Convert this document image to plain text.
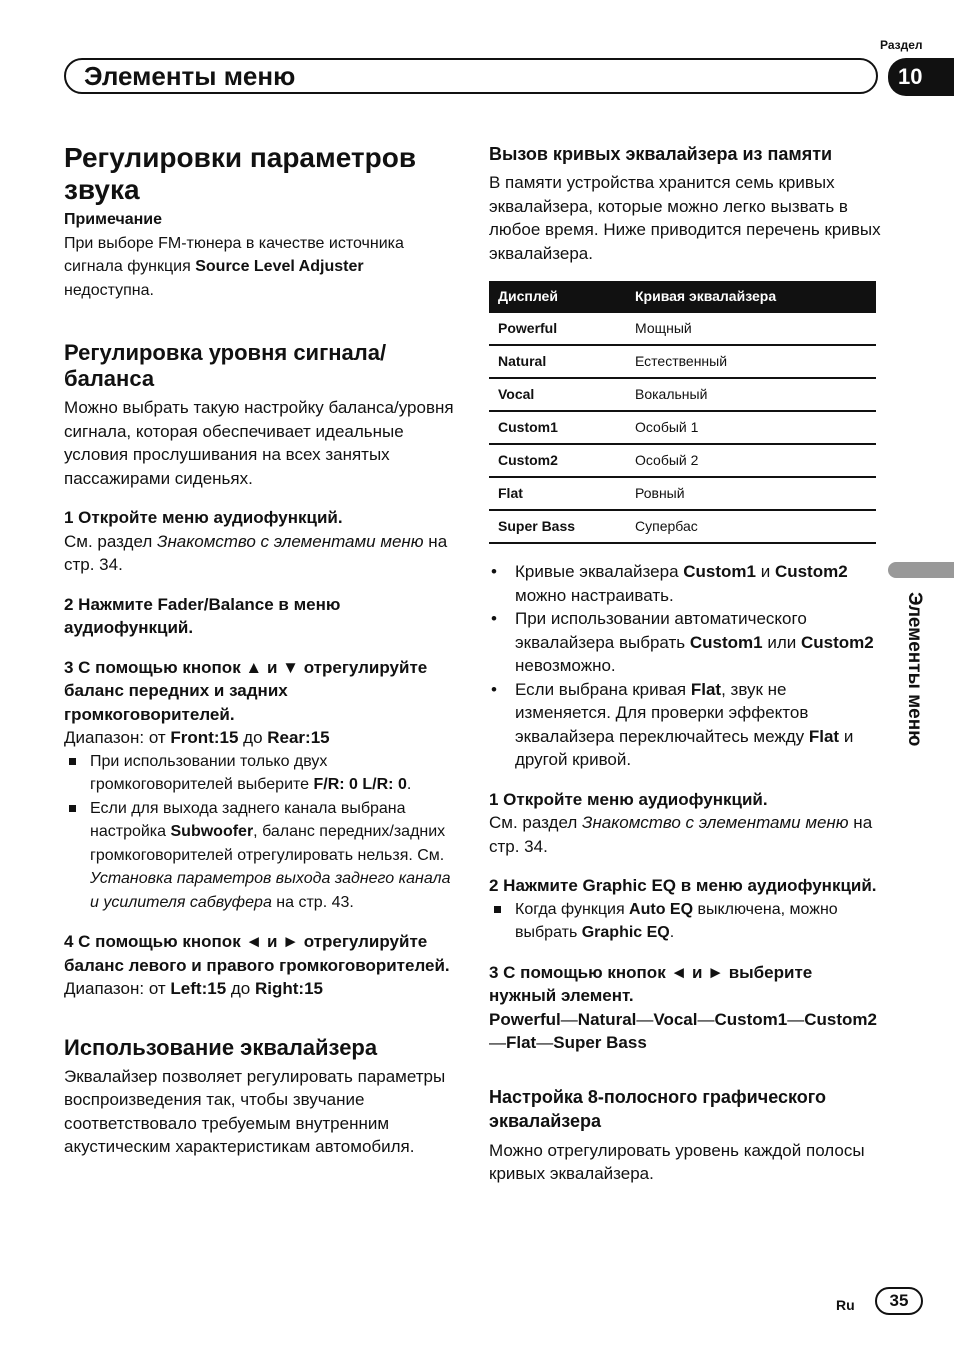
Раздел
Элементы меню	10
Элементы меню
Регулировки параметров звука

Примечание

При выборе FM-тюнера в качестве источника сигнала функция Source Level Adjuster недоступна.

Регулировка уровня сигнала/ баланса

Можно выбрать такую настройку баланса/уровня сигнала, которая обеспечивает идеальные условия прослушивания на всех занятых пассажирами сиденьях.

1 Откройте меню аудиофункций.

См. раздел Знакомство с элементами меню на стр. 34.

2 Нажмите Fader/Balance в меню аудиофункций.

3 С помощью кнопок ▲ и ▼ отрегулируйте баланс передних и задних громкоговорителей.

Диапазон: от Front:15 до Rear:15

При использовании только двух громкоговорителей выберите F/R: 0 L/R: 0.

Если для выхода заднего канала выбрана настройка Subwoofer, баланс передних/задних громкоговорителей отрегулировать нельзя. См. Установка параметров выхода заднего канала и усилителя сабвуфера на стр. 43.

4 С помощью кнопок ◄ и ► отрегулируйте баланс левого и правого громкоговорителей.

Диапазон: от Left:15 до Right:15

Использование эквалайзера

Эквалайзер позволяет регулировать параметры воспроизведения так, чтобы звучание соответствовало требуемым внутренним акустическим характеристикам автомобиля.

Вызов кривых эквалайзера из памяти

В памяти устройства хранится семь кривых эквалайзера, которые можно легко вызвать в любое время. Ниже приводится перечень кривых эквалайзера.

Дисплей	Кривая эквалайзера
Powerful	Мощный
Natural	Естественный
Vocal	Вокальный
Custom1	Особый 1
Custom2	Особый 2
Flat	Ровный
Super Bass	Супербас
• Кривые эквалайзера Custom1 и Custom2 можно настраивать.
• При использовании автоматического эквалайзера выбрать Custom1 или Custom2 невозможно.
• Если выбрана кривая Flat, звук не изменяется. Для проверки эффектов эквалайзера переключайтесь между Flat и другой кривой.

1 Откройте меню аудиофункций.

См. раздел Знакомство с элементами меню на стр. 34.

2 Нажмите Graphic EQ в меню аудиофункций.

Когда функция Auto EQ выключена, можно выбрать Graphic EQ.

3 С помощью кнопок ◄ и ► выберите нужный элемент.

Powerful—Natural—Vocal—Custom1—Custom2—Flat—Super Bass

Настройка 8-полосного графического эквалайзера

Можно отрегулировать уровень каждой полосы кривых эквалайзера.

Ru	35
